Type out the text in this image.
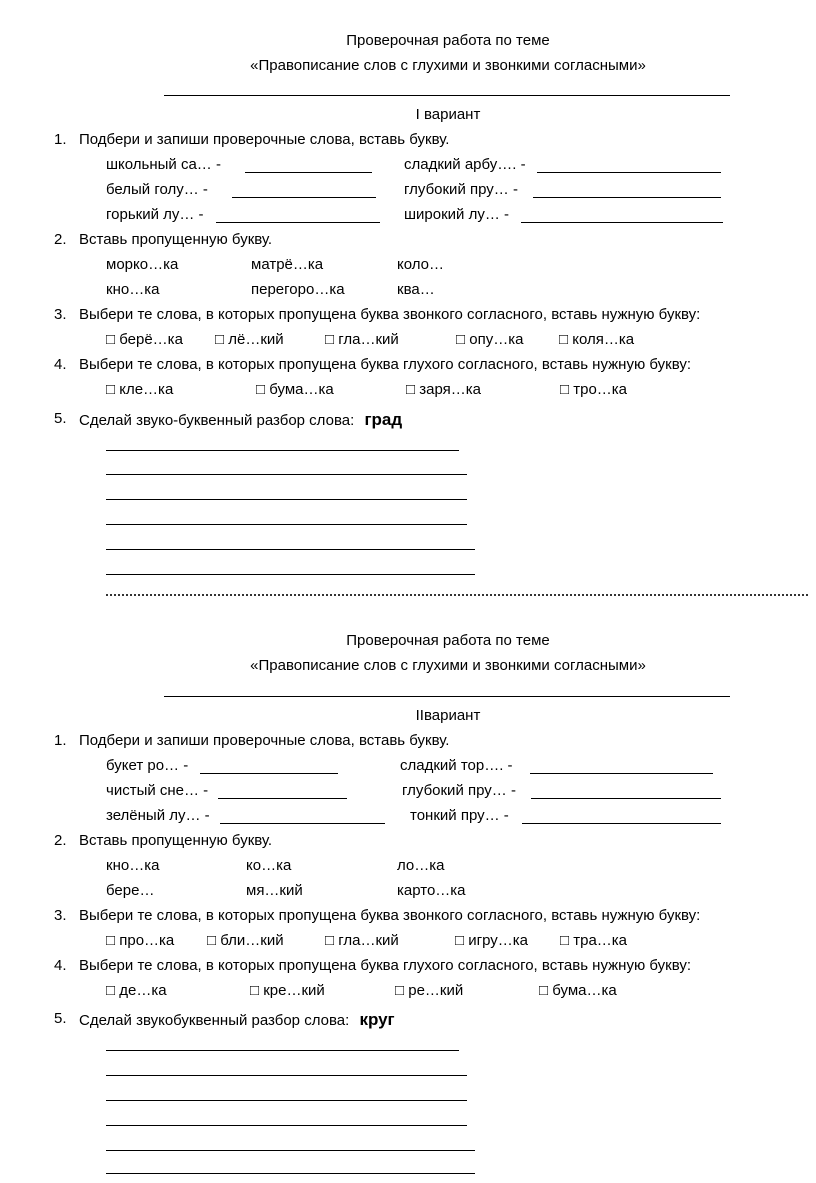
Проверочная работа по теме
«Правописание слов с глухими и звонкими согласными»
I вариант
1. Подбери и запиши проверочные слова, вставь букву.
школьный са… -	сладкий арбу…. -
белый голу… -	глубокий пру… -
горький лу… -	широкий лу… -
2. Вставь пропущенную букву.
морко…ка	матрё…ка	коло…
кно…ка	перегоро…ка	ква…
3. Выбери те слова, в которых пропущена буква звонкого согласного, вставь нужную букву:
□ берё…ка □ лё…кий	□ гла…кий	□ опу…ка □ коля…ка
4. Выбери те слова, в которых пропущена буква глухого согласного, вставь нужную букву:
□ кле…ка	□ бума…ка	□ заря…ка	□ тро…ка
5. Сделай звуко-буквенный разбор слова: град
Проверочная работа по теме
«Правописание слов с глухими и звонкими согласными»
IIвариант
1. Подбери и запиши проверочные слова, вставь букву.
букет ро… -	сладкий тор…. -
чистый сне… -	глубокий пру… -
зелёный лу… -	тонкий пру… -
2. Вставь пропущенную букву.
кно…ка	ко…ка	ло…ка
бере…	мя…кий	карто…ка
3. Выбери те слова, в которых пропущена буква звонкого согласного, вставь нужную букву:
□ про…ка □ бли…кий	□ гла…кий	□ игру…ка □ тра…ка
4. Выбери те слова, в которых пропущена буква глухого согласного, вставь нужную букву:
□ де…ка	□ кре…кий	□ ре…кий	□ бума…ка
5. Сделай звукобуквенный разбор слова: круг
